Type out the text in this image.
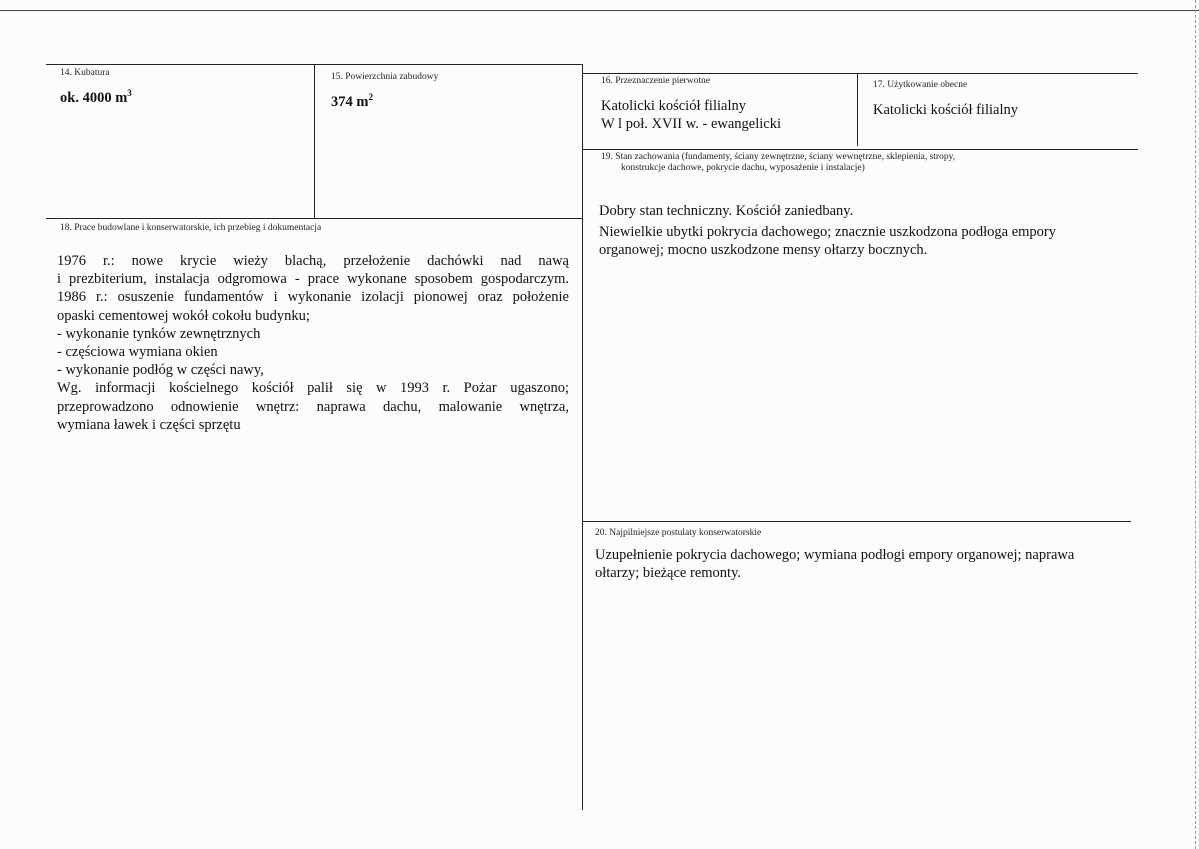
14. Kubatura
ok. 4000 $m^3$
15. Powierzchnia zabudowy
374 $m^2$
16. Przeznaczenie pierwotne
Katolicki kościół filialny
W l poł. XVII w. - ewangelicki
17. Użytkowanie obecne
Katolicki kościół filialny
19. Stan zachowania (fundamenty, ściany zewnętrzne, ściany wewnętrzne, sklepienia, stropy,
konstrukcje dachowe, pokrycie dachu, wyposażenie i instalacje)
Dobry stan techniczny. Kościół zaniedbany.
Niewielkie ubytki pokrycia dachowego; znacznie uszkodzona podłoga empory
organowej; mocno uszkodzone mensy ołtarzy bocznych.
18. Prace budowlane i konserwatorskie, ich przebieg i dokumentacja
1976 r.: nowe krycie wieży blachą, przełożenie dachówki nad nawą
i prezbiterium, instalacja odgromowa - prace wykonane sposobem gospodarczym.
1986 r.: osuszenie fundamentów i wykonanie izolacji pionowej oraz położenie
opaski cementowej wokół cokołu budynku;
- wykonanie tynków zewnętrznych
- częściowa wymiana okien
- wykonanie podłóg w części nawy,
Wg. informacji kościelnego kościół palił się w 1993 r. Pożar ugaszono;
przeprowadzono odnowienie wnętrz: naprawa dachu, malowanie wnętrza,
wymiana ławek i części sprzętu
20. Najpilniejsze postulaty konserwatorskie
Uzupełnienie pokrycia dachowego; wymiana podłogi empory organowej; naprawa
ołtarzy; bieżące remonty.
